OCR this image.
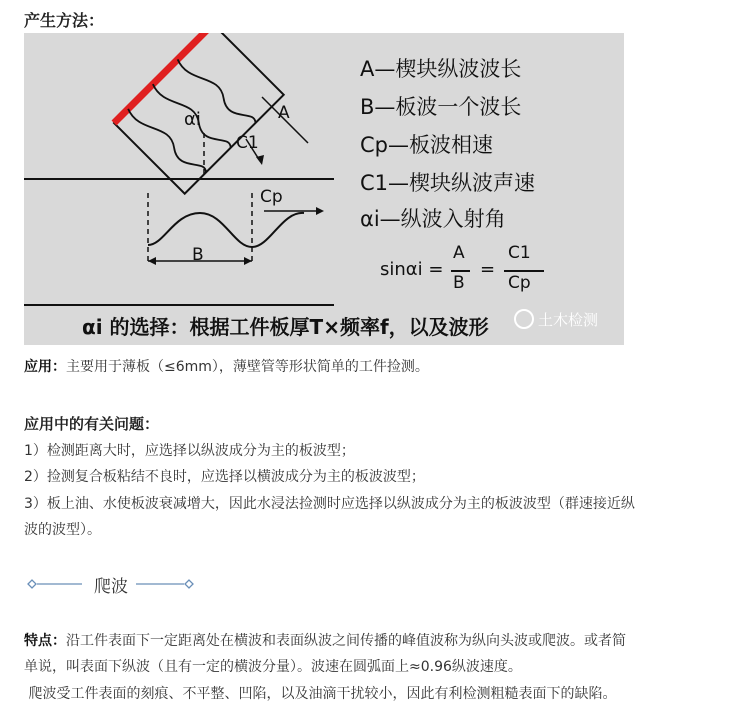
产生方法：
αi
C1
A
Cp
B
A—楔块纵波波长
B—板波一个波长
Cp—板波相速
C1—楔块纵波声速
αi—纵波入射角
sinαi =
A
B
=
C1
Cp
αi 的选择：根据工件板厚T×频率f，以及波形	土木检测
应用：主要用于薄板（≤6mm），薄壁管等形状简单的工件捡测。
应用中的有关问题：
1）检测距离大时，应选择以纵波成分为主的板波型；
2）捡测复合板粘结不良时，应选择以横波成分为主的板波波型；
3）板上油、水使板波衰减增大，因此水浸法捡测时应选择以纵波成分为主的板波波型（群速接近纵
波的波型）。
爬波
特点：沿工件表面下一定距离处在横波和表面纵波之间传播的峰值波称为纵向头波或爬波。或者简
单说，叫表面下纵波（且有一定的横波分量）。波速在圆弧面上≈0.96纵波速度。
爬波受工件表面的刻痕、不平整、凹陷，以及油滴干扰较小，因此有利检测粗糙表面下的缺陷。
